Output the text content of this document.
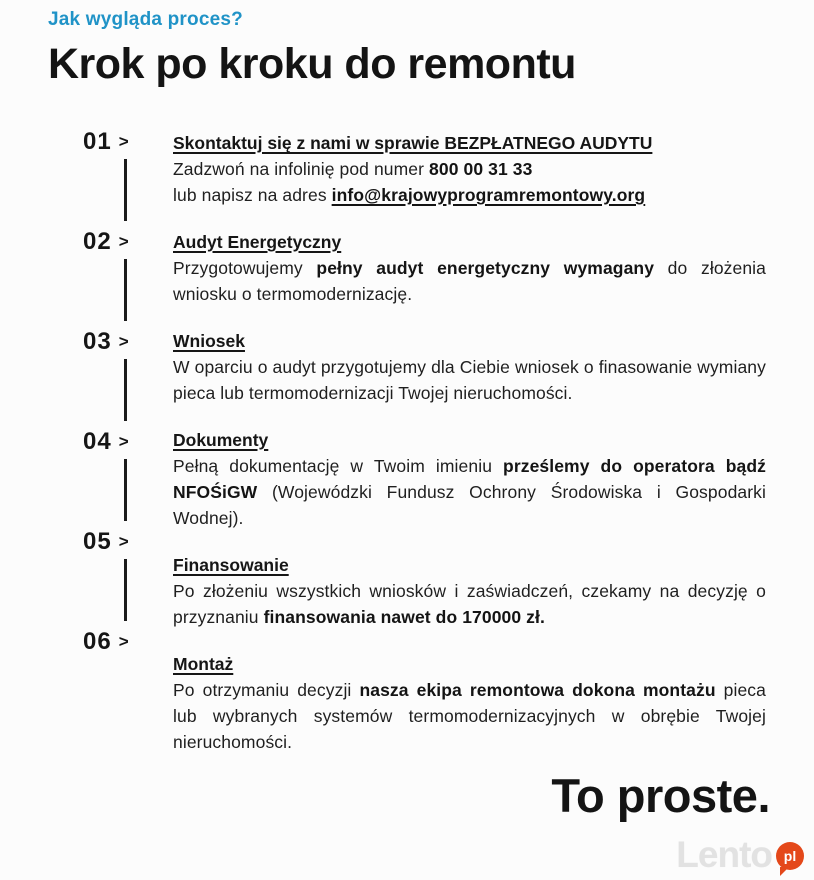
Jak wygląda proces?
Krok po kroku do remontu
01 >
02 >
03 >
04 >
05 >
06 >
Skontaktuj się z nami w sprawie BEZPŁATNEGO AUDYTU

Zadzwoń na infolinię pod numer 800 00 31 33

lub napisz na adres info@krajowyprogramremontowy.org

Audyt Energetyczny

Przygotowujemy pełny audyt energetyczny wymagany do złożenia wniosku o termomodernizację.

Wniosek

W oparciu o audyt przygotujemy dla Ciebie wniosek o finasowanie wymiany pieca lub termomodernizacji Twojej nieruchomości.

Dokumenty

Pełną dokumentację w Twoim imieniu prześlemy do operatora bądź NFOŚiGW (Wojewódzki Fundusz Ochrony Środowiska i Gospodarki Wodnej).

Finansowanie

Po złożeniu wszystkich wniosków i zaświadczeń, czekamy na decyzję o przyznaniu finansowania nawet do 170000 zł.

Montaż

Po otrzymaniu decyzji nasza ekipa remontowa dokona montażu pieca lub wybranych systemów termomodernizacyjnych w obrębie Twojej nieruchomości.

To proste.
Lento pl
